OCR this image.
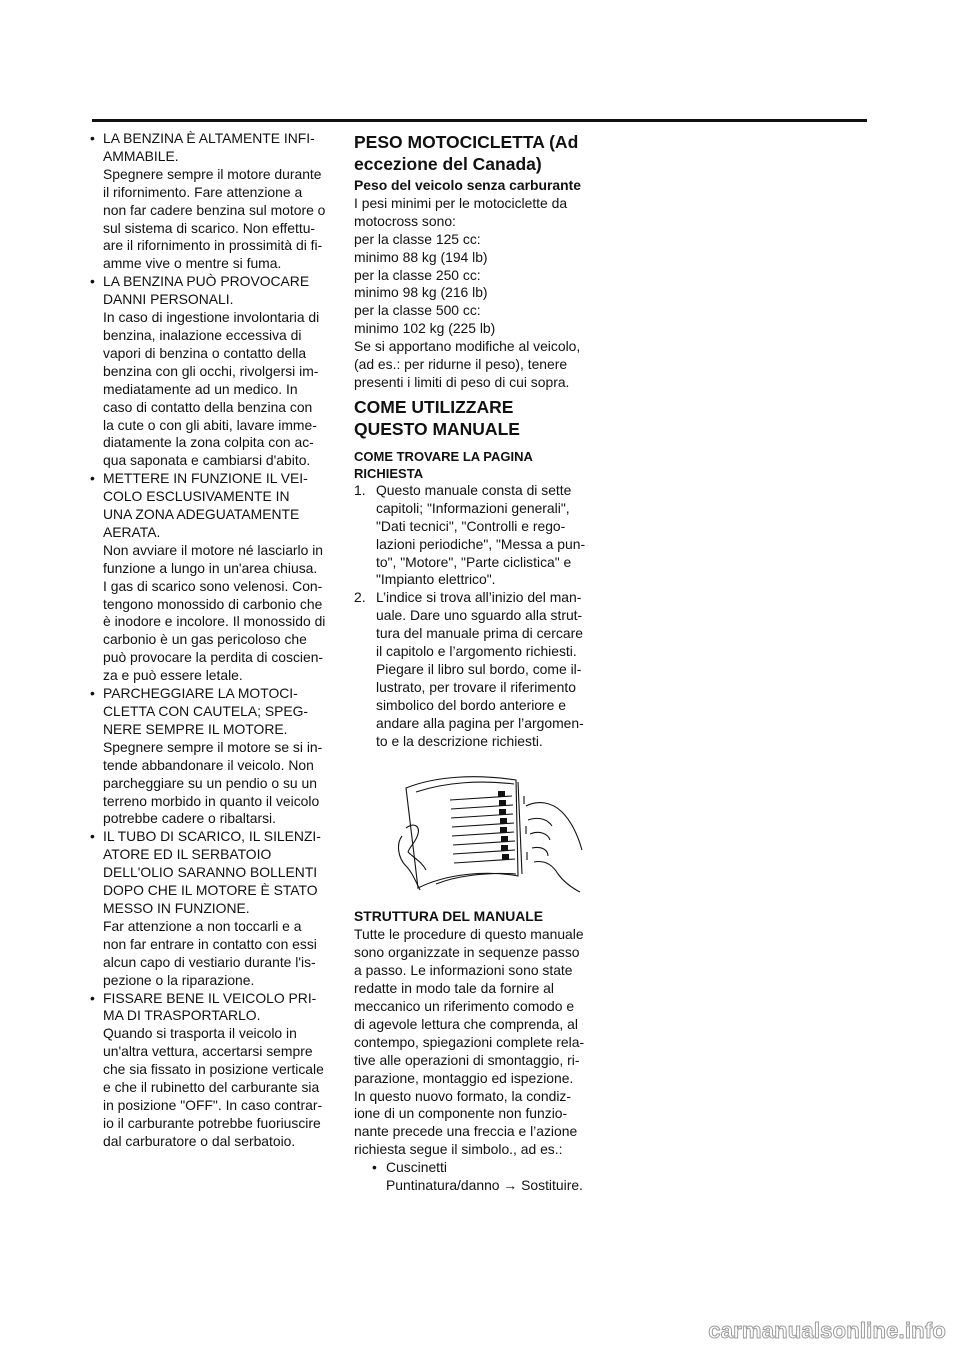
• LA BENZINA È ALTAMENTE INFI-
AMMABILE.

Spegnere sempre il motore durante
il rifornimento. Fare attenzione a
non far cadere benzina sul motore o
sul sistema di scarico. Non effettu-
are il rifornimento in prossimità di fi-
amme vive o mentre si fuma.

• LA BENZINA PUÒ PROVOCARE
DANNI PERSONALI.

In caso di ingestione involontaria di
benzina, inalazione eccessiva di
vapori di benzina o contatto della
benzina con gli occhi, rivolgersi im-
mediatamente ad un medico. In
caso di contatto della benzina con
la cute o con gli abiti, lavare imme-
diatamente la zona colpita con ac-
qua saponata e cambiarsi d'abito.

• METTERE IN FUNZIONE IL VEI-
COLO ESCLUSIVAMENTE IN
UNA ZONA ADEGUATAMENTE
AERATA.

Non avviare il motore né lasciarlo in
funzione a lungo in un'area chiusa.
I gas di scarico sono velenosi. Con-
tengono monossido di carbonio che
è inodore e incolore. Il monossido di
carbonio è un gas pericoloso che
può provocare la perdita di coscien-
za e può essere letale.

• PARCHEGGIARE LA MOTOCI-
CLETTA CON CAUTELA; SPEG-
NERE SEMPRE IL MOTORE.

Spegnere sempre il motore se si in-
tende abbandonare il veicolo. Non
parcheggiare su un pendio o su un
terreno morbido in quanto il veicolo
potrebbe cadere o ribaltarsi.

• IL TUBO DI SCARICO, IL SILENZI-
ATORE ED IL SERBATOIO
DELL'OLIO SARANNO BOLLENTI
DOPO CHE IL MOTORE È STATO
MESSO IN FUNZIONE.

Far attenzione a non toccarli e a
non far entrare in contatto con essi
alcun capo di vestiario durante l'is-
pezione o la riparazione.

• FISSARE BENE IL VEICOLO PRI-
MA DI TRASPORTARLO.

Quando si trasporta il veicolo in
un'altra vettura, accertarsi sempre
che sia fissato in posizione verticale
e che il rubinetto del carburante sia
in posizione "OFF". In caso contrar-
io il carburante potrebbe fuoriuscire
dal carburatore o dal serbatoio.

PESO MOTOCICLETTA (Ad
eccezione del Canada)

Peso del veicolo senza carburante

I pesi minimi per le motociclette da
motocross sono:
per la classe 125 cc:
minimo 88 kg (194 lb)
per la classe 250 cc:
minimo 98 kg (216 lb)
per la classe 500 cc:
minimo 102 kg (225 lb)
Se si apportano modifiche al veicolo,
(ad es.: per ridurne il peso), tenere
presenti i limiti di peso di cui sopra.

COME UTILIZZARE
QUESTO MANUALE
COME TROVARE LA PAGINA
RICHIESTA
1. Questo manuale consta di sette
capitoli; "Informazioni generali",
"Dati tecnici", "Controlli e rego-
lazioni periodiche", "Messa a pun-
to", "Motore", "Parte ciclistica" e
"Impianto elettrico".
2. L’indice si trova all’inizio del man-
uale. Dare uno sguardo alla strut-
tura del manuale prima di cercare
il capitolo e l’argomento richiesti.
Piegare il libro sul bordo, come il-
lustrato, per trovare il riferimento
simbolico del bordo anteriore e
andare alla pagina per l’argomen-
to e la descrizione richiesti.

STRUTTURA DEL MANUALE

Tutte le procedure di questo manuale
sono organizzate in sequenze passo
a passo. Le informazioni sono state
redatte in modo tale da fornire al
meccanico un riferimento comodo e
di agevole lettura che comprenda, al
contempo, spiegazioni complete rela-
tive alle operazioni di smontaggio, ri-
parazione, montaggio ed ispezione.
In questo nuovo formato, la condiz-
ione di un componente non funzio-
nante precede una freccia e l’azione
richiesta segue il simbolo., ad es.:

• Cuscinetti
Puntinatura/danno → Sostituire.
carmanualsonline.info
